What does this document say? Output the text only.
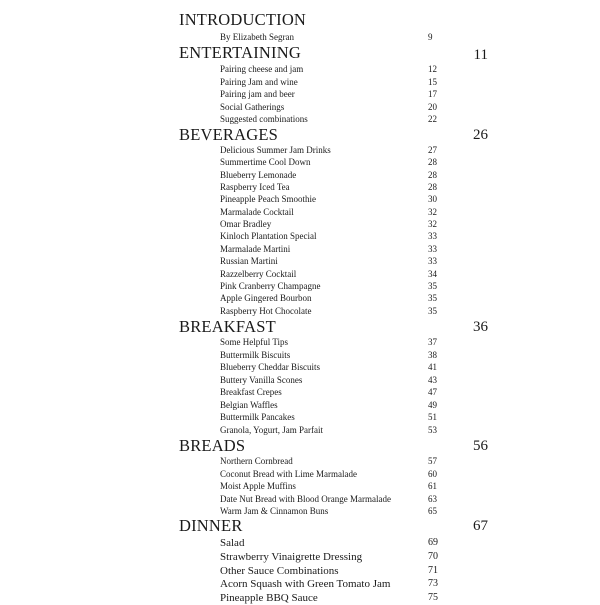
INTRODUCTION
By Elizabeth Segran	9
ENTERTAINING	11
Pairing cheese and jam	12
Pairing Jam and wine	15
Pairing jam and beer	17
Social Gatherings	20
Suggested combinations	22
BEVERAGES	26
Delicious Summer Jam Drinks	27
Summertime Cool Down	28
Blueberry Lemonade	28
Raspberry Iced Tea	28
Pineapple Peach Smoothie	30
Marmalade Cocktail	32
Omar Bradley	32
Kinloch Plantation Special	33
Marmalade Martini	33
Russian Martini	33
Razzelberry Cocktail	34
Pink Cranberry Champagne	35
Apple Gingered Bourbon	35
Raspberry Hot Chocolate	35
BREAKFAST	36
Some Helpful Tips	37
Buttermilk Biscuits	38
Blueberry Cheddar Biscuits	41
Buttery Vanilla Scones	43
Breakfast Crepes	47
Belgian Waffles	49
Buttermilk Pancakes	51
Granola, Yogurt, Jam Parfait	53
BREADS	56
Northern Cornbread	57
Coconut Bread with Lime Marmalade	60
Moist Apple Muffins	61
Date Nut Bread with Blood Orange Marmalade	63
Warm Jam & Cinnamon Buns	65
DINNER	67
Salad	69
Strawberry Vinaigrette Dressing	70
Other Sauce Combinations	71
Acorn Squash with Green Tomato Jam	73
Pineapple BBQ Sauce	75
